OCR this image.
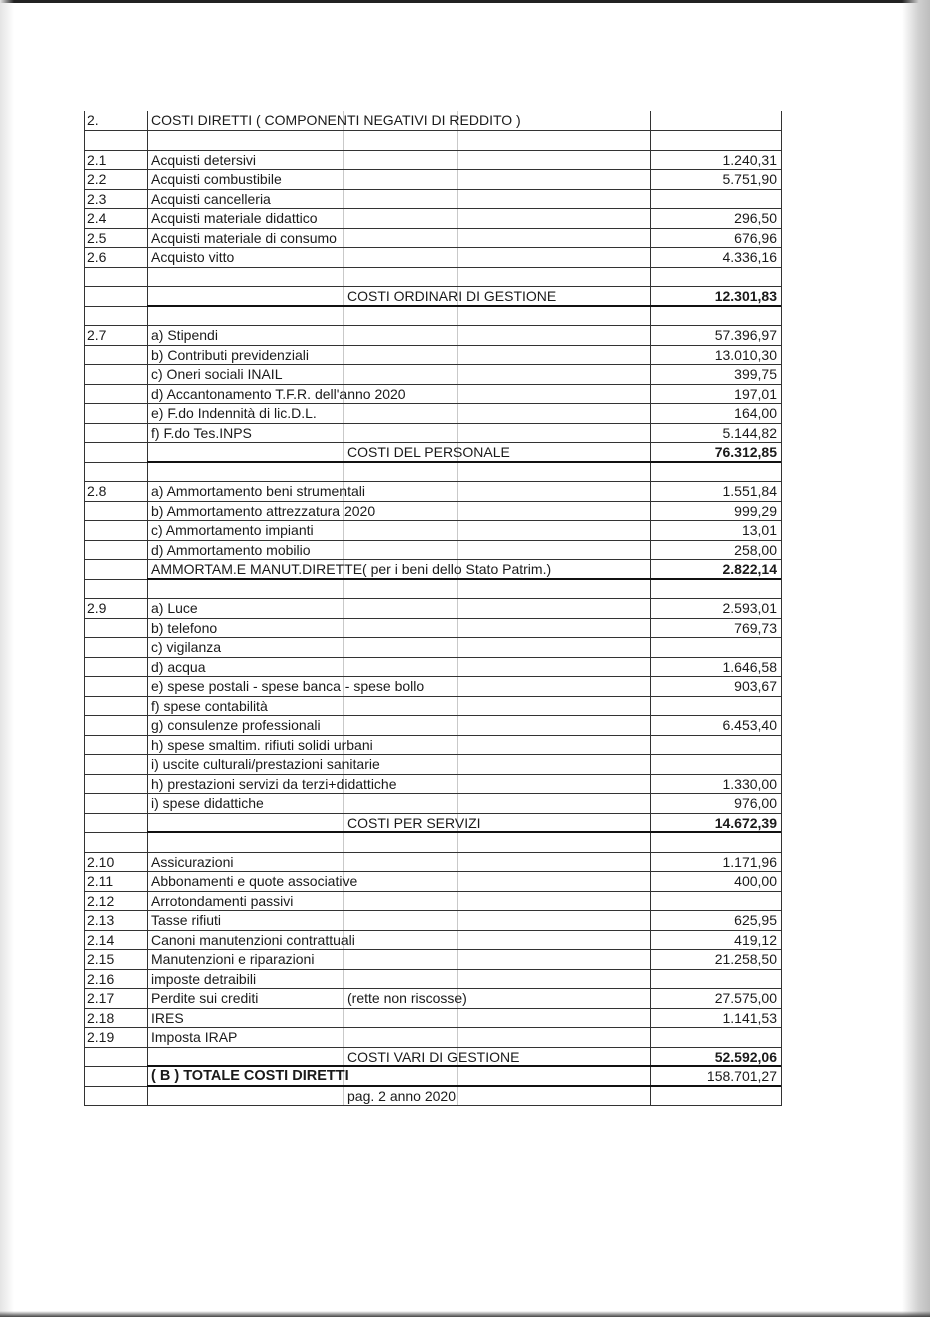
2.	COSTI DIRETTI ( COMPONENTI NEGATIVI DI REDDITO )
2.1	Acquisti detersivi	1.240,31
2.2	Acquisti combustibile	5.751,90
2.3	Acquisti cancelleria
2.4	Acquisti materiale didattico	296,50
2.5	Acquisti materiale di consumo	676,96
2.6	Acquisto vitto	4.336,16
COSTI ORDINARI DI GESTIONE	12.301,83
2.7	a) Stipendi	57.396,97
b) Contributi previdenziali	13.010,30
c) Oneri sociali INAIL	399,75
d) Accantonamento T.F.R. dell'anno 2020	197,01
e) F.do Indennità di lic.D.L.	164,00
f) F.do Tes.INPS	5.144,82
COSTI DEL PERSONALE	76.312,85
2.8	a) Ammortamento beni strumentali	1.551,84
b) Ammortamento attrezzatura 2020	999,29
c) Ammortamento impianti	13,01
d) Ammortamento mobilio	258,00
AMMORTAM.E MANUT.DIRETTE( per i beni dello Stato Patrim.)	2.822,14
2.9	a) Luce	2.593,01
b) telefono	769,73
c) vigilanza
d) acqua	1.646,58
e) spese postali - spese banca - spese bollo	903,67
f) spese contabilità
g) consulenze professionali	6.453,40
h) spese smaltim. rifiuti solidi urbani
i) uscite culturali/prestazioni sanitarie
h) prestazioni servizi da terzi+didattiche	1.330,00
i) spese didattiche	976,00
COSTI PER SERVIZI	14.672,39
2.10	Assicurazioni	1.171,96
2.11	Abbonamenti e quote associative	400,00
2.12	Arrotondamenti passivi
2.13	Tasse rifiuti	625,95
2.14	Canoni manutenzioni contrattuali	419,12
2.15	Manutenzioni e riparazioni	21.258,50
2.16	imposte detraibili
2.17	Perdite sui crediti	(rette non riscosse)	27.575,00
2.18	IRES	1.141,53
2.19	Imposta IRAP
COSTI VARI DI GESTIONE	52.592,06
( B ) TOTALE COSTI DIRETTI	158.701,27
pag. 2 anno 2020
